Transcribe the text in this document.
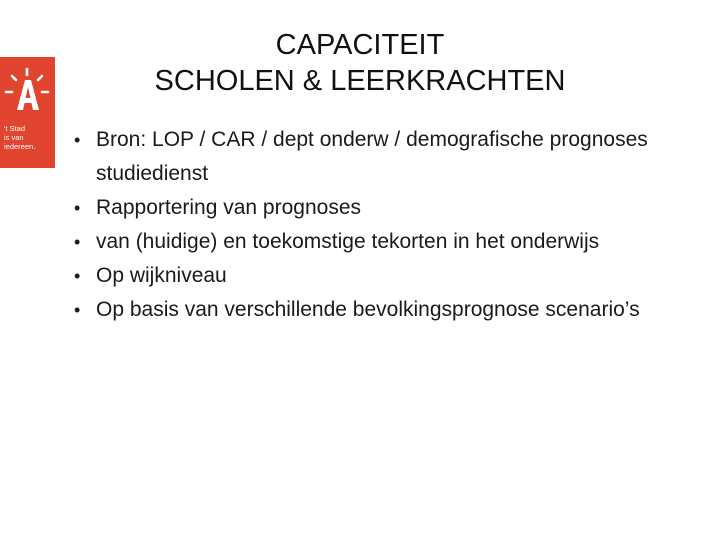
't Stad
is van
iedereen.
CAPACITEIT
SCHOLEN & LEERKRACHTEN
• Bron: LOP / CAR / dept onderw / demografische prognoses studiedienst
• Rapportering van prognoses
• van (huidige) en toekomstige tekorten in het onderwijs
• Op wijkniveau
• Op basis van verschillende bevolkingsprognose scenario’s
